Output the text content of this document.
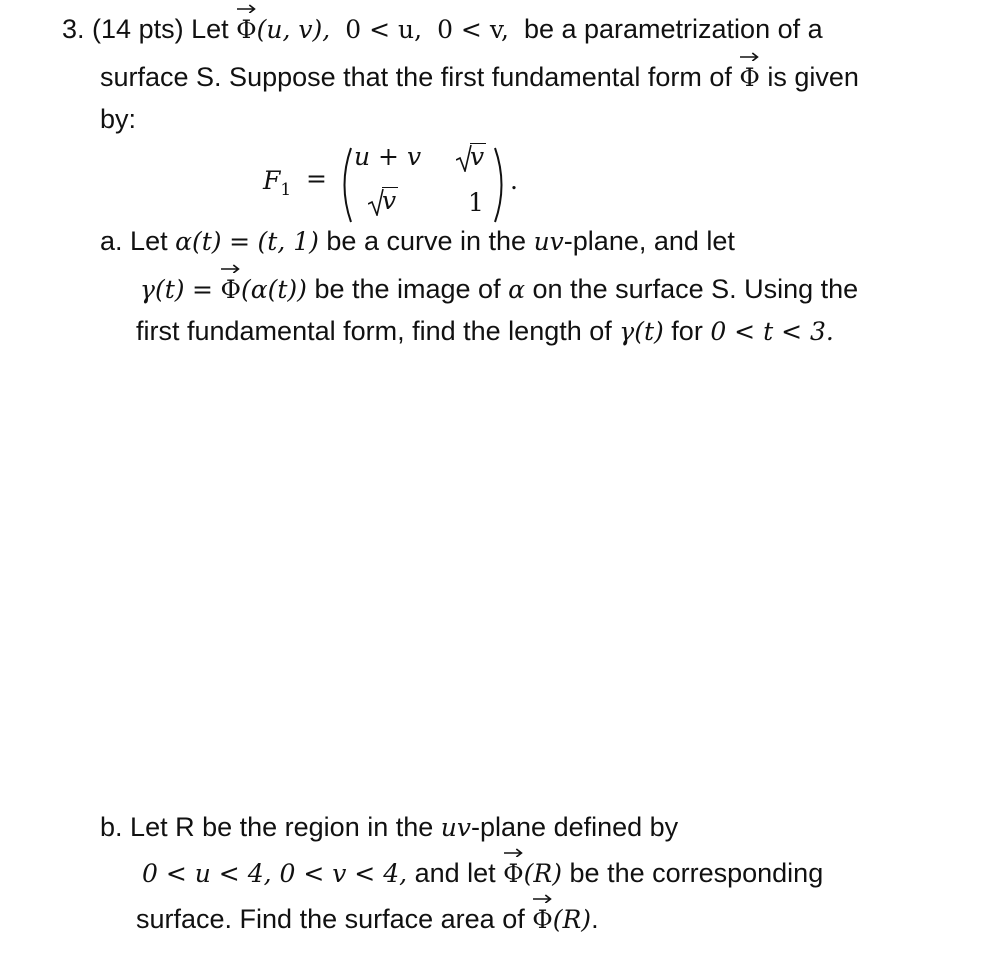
3. (14 pts) Let Φ(u, v), 0 < u, 0 < v, be a parametrization of a
surface S. Suppose that the first fundamental form of Φ is given
by:
$F_1$ =
u + v	v
v	1
.
a. Let α(t) = (t, 1) be a curve in the uv-plane, and let
γ(t) = Φ(α(t)) be the image of α on the surface S. Using the
first fundamental form, find the length of γ(t) for 0 < t < 3.
b. Let R be the region in the uv-plane defined by
0 < u < 4, 0 < v < 4, and let Φ(R) be the corresponding
surface. Find the surface area of Φ(R).
